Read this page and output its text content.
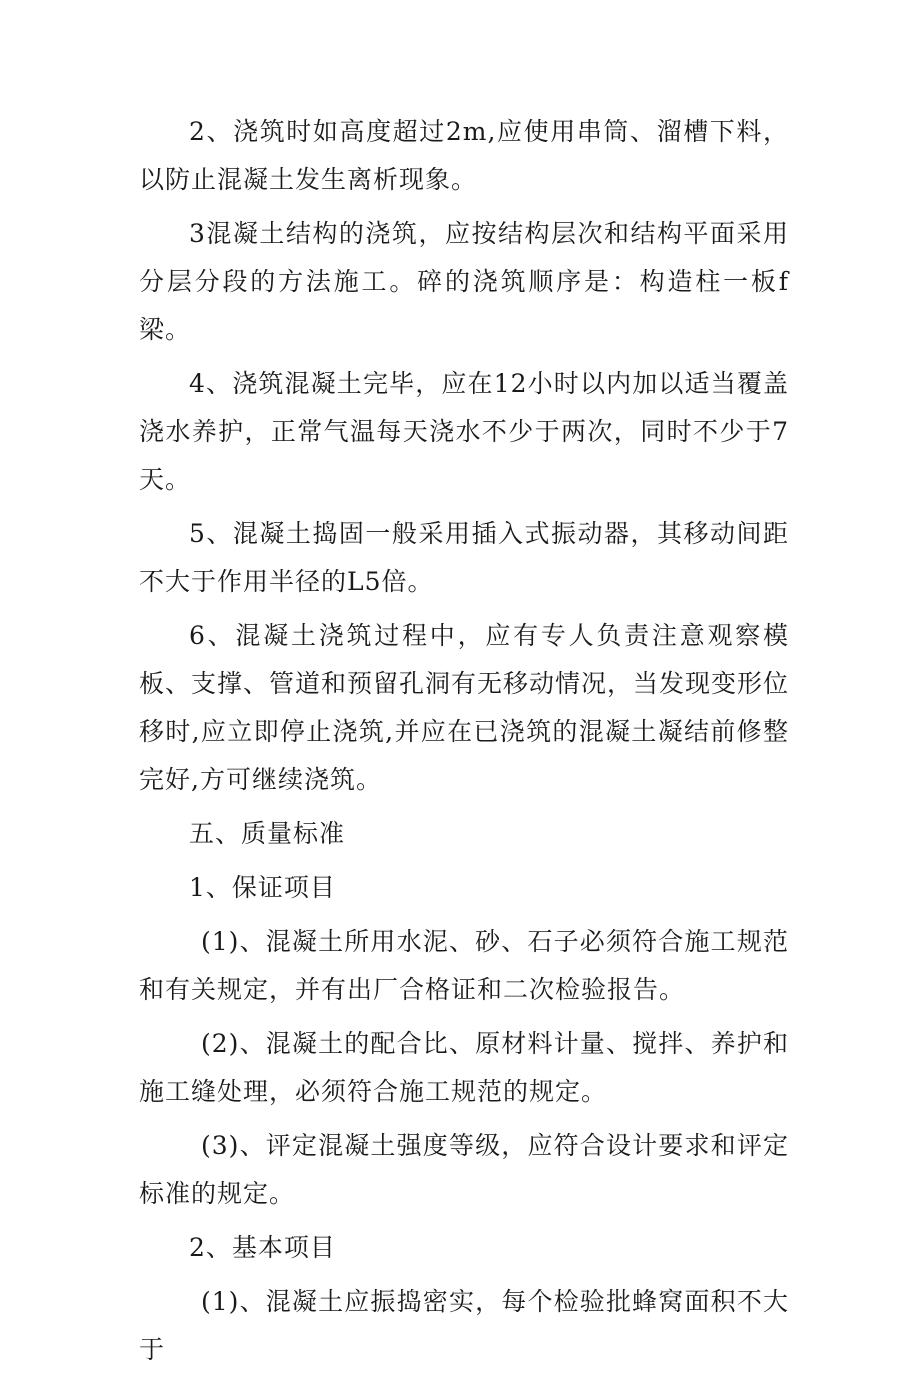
2、浇筑时如高度超过2m,应使用串筒、溜槽下料，以防止混凝土发生离析现象。

3混凝土结构的浇筑，应按结构层次和结构平面采用分层分段的方法施工。碎的浇筑顺序是：构造柱一板f梁。

4、浇筑混凝土完毕，应在12小时以内加以适当覆盖浇水养护，正常气温每天浇水不少于两次，同时不少于7天。

5、混凝土捣固一般采用插入式振动器，其移动间距不大于作用半径的L5倍。

6、混凝土浇筑过程中，应有专人负责注意观察模板、支撑、管道和预留孔洞有无移动情况，当发现变形位移时,应立即停止浇筑,并应在已浇筑的混凝土凝结前修整完好,方可继续浇筑。

五、质量标准

1、保证项目

(1)、混凝土所用水泥、砂、石子必须符合施工规范和有关规定，并有出厂合格证和二次检验报告。

(2)、混凝土的配合比、原材料计量、搅拌、养护和施工缝处理，必须符合施工规范的规定。

(3)、评定混凝土强度等级，应符合设计要求和评定标准的规定。

2、基本项目

(1)、混凝土应振捣密实，每个检验批蜂窝面积不大于
